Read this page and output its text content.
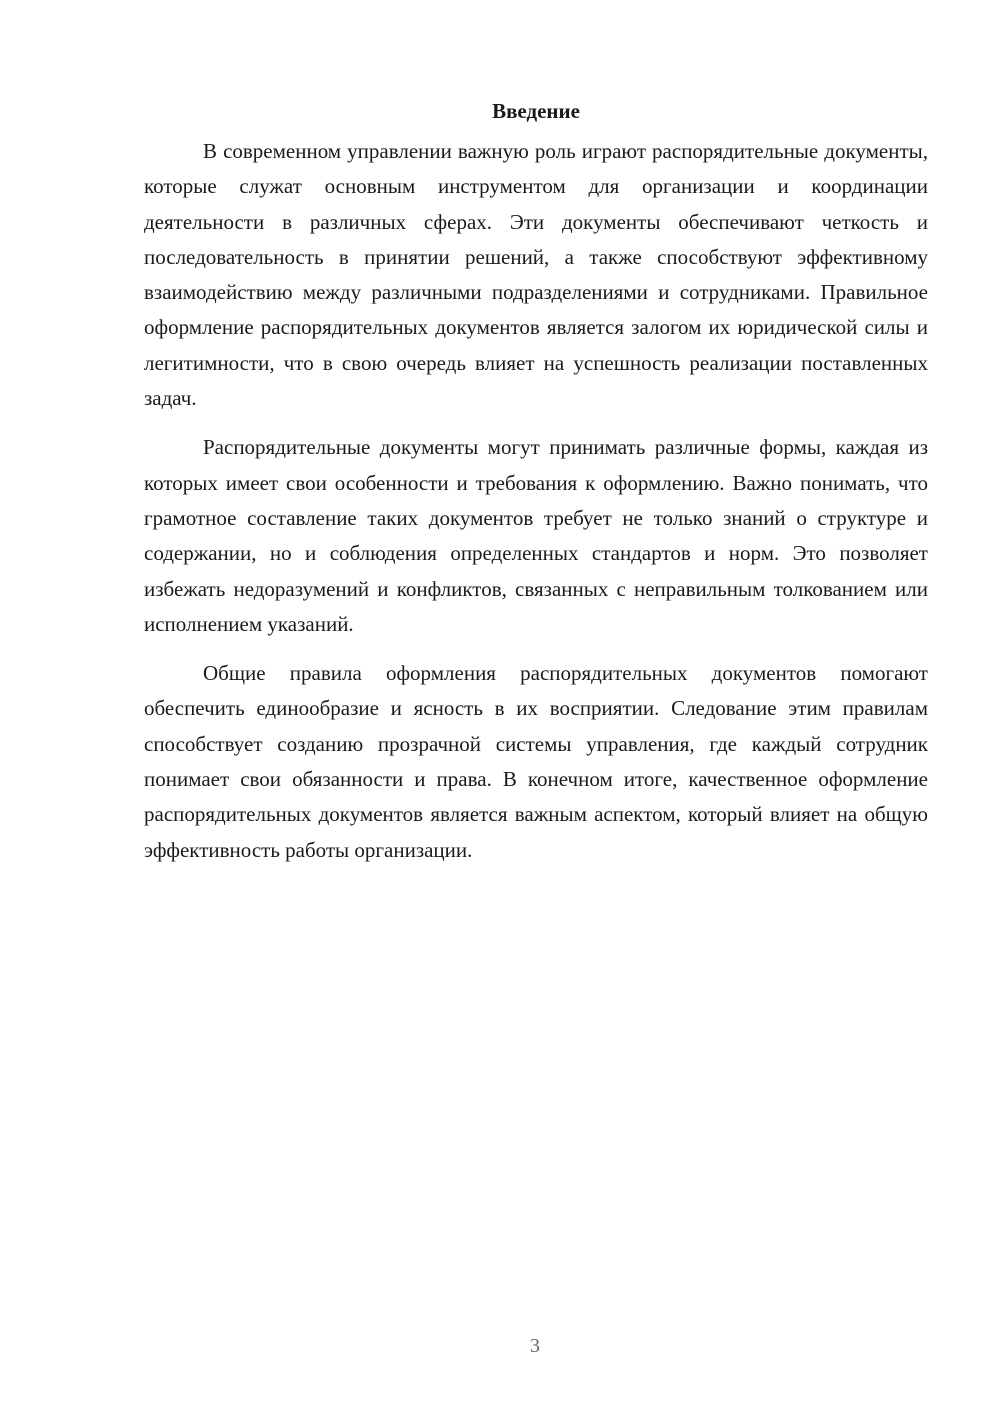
Введение

В современном управлении важную роль играют распорядительные документы, которые служат основным инструментом для организации и координации деятельности в различных сферах. Эти документы обеспечивают четкость и последовательность в принятии решений, а также способствуют эффективному взаимодействию между различными подразделениями и сотрудниками. Правильное оформление распорядительных документов является залогом их юридической силы и легитимности, что в свою очередь влияет на успешность реализации поставленных задач.

Распорядительные документы могут принимать различные формы, каждая из которых имеет свои особенности и требования к оформлению. Важно понимать, что грамотное составление таких документов требует не только знаний о структуре и содержании, но и соблюдения определенных стандартов и норм. Это позволяет избежать недоразумений и конфликтов, связанных с неправильным толкованием или исполнением указаний.

Общие правила оформления распорядительных документов помогают обеспечить единообразие и ясность в их восприятии. Следование этим правилам способствует созданию прозрачной системы управления, где каждый сотрудник понимает свои обязанности и права. В конечном итоге, качественное оформление распорядительных документов является важным аспектом, который влияет на общую эффективность работы организации.

3
